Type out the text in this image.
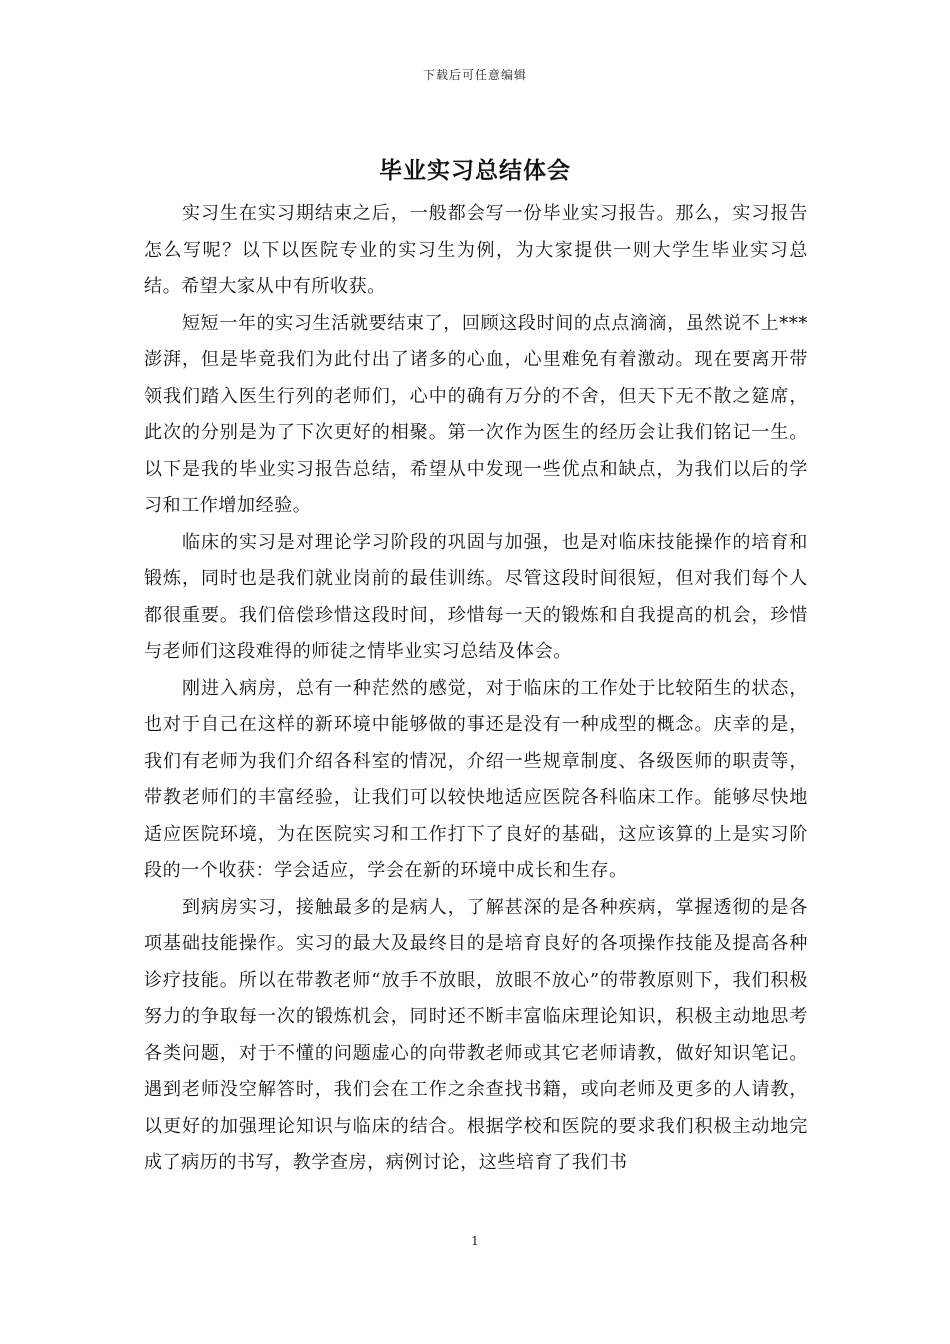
下载后可任意编辑
毕业实习总结体会

实习生在实习期结束之后，一般都会写一份毕业实习报告。那么，实习报告怎么写呢？以下以医院专业的实习生为例，为大家提供一则大学生毕业实习总结。希望大家从中有所收获。

短短一年的实习生活就要结束了，回顾这段时间的点点滴滴，虽然说不上***澎湃，但是毕竟我们为此付出了诸多的心血，心里难免有着激动。现在要离开带领我们踏入医生行列的老师们，心中的确有万分的不舍，但天下无不散之筵席，此次的分别是为了下次更好的相聚。第一次作为医生的经历会让我们铭记一生。以下是我的毕业实习报告总结，希望从中发现一些优点和缺点，为我们以后的学习和工作增加经验。

临床的实习是对理论学习阶段的巩固与加强，也是对临床技能操作的培育和锻炼，同时也是我们就业岗前的最佳训练。尽管这段时间很短，但对我们每个人都很重要。我们倍偿珍惜这段时间，珍惜每一天的锻炼和自我提高的机会，珍惜与老师们这段难得的师徒之情毕业实习总结及体会。

刚进入病房，总有一种茫然的感觉，对于临床的工作处于比较陌生的状态，也对于自己在这样的新环境中能够做的事还是没有一种成型的概念。庆幸的是，我们有老师为我们介绍各科室的情况，介绍一些规章制度、各级医师的职责等，带教老师们的丰富经验，让我们可以较快地适应医院各科临床工作。能够尽快地适应医院环境，为在医院实习和工作打下了良好的基础，这应该算的上是实习阶段的一个收获：学会适应，学会在新的环境中成长和生存。

到病房实习，接触最多的是病人，了解甚深的是各种疾病，掌握透彻的是各项基础技能操作。实习的最大及最终目的是培育良好的各项操作技能及提高各种诊疗技能。所以在带教老师“放手不放眼，放眼不放心”的带教原则下，我们积极努力的争取每一次的锻炼机会，同时还不断丰富临床理论知识，积极主动地思考各类问题，对于不懂的问题虚心的向带教老师或其它老师请教，做好知识笔记。遇到老师没空解答时，我们会在工作之余查找书籍，或向老师及更多的人请教，以更好的加强理论知识与临床的结合。根据学校和医院的要求我们积极主动地完成了病历的书写，教学查房，病例讨论，这些培育了我们书

1
